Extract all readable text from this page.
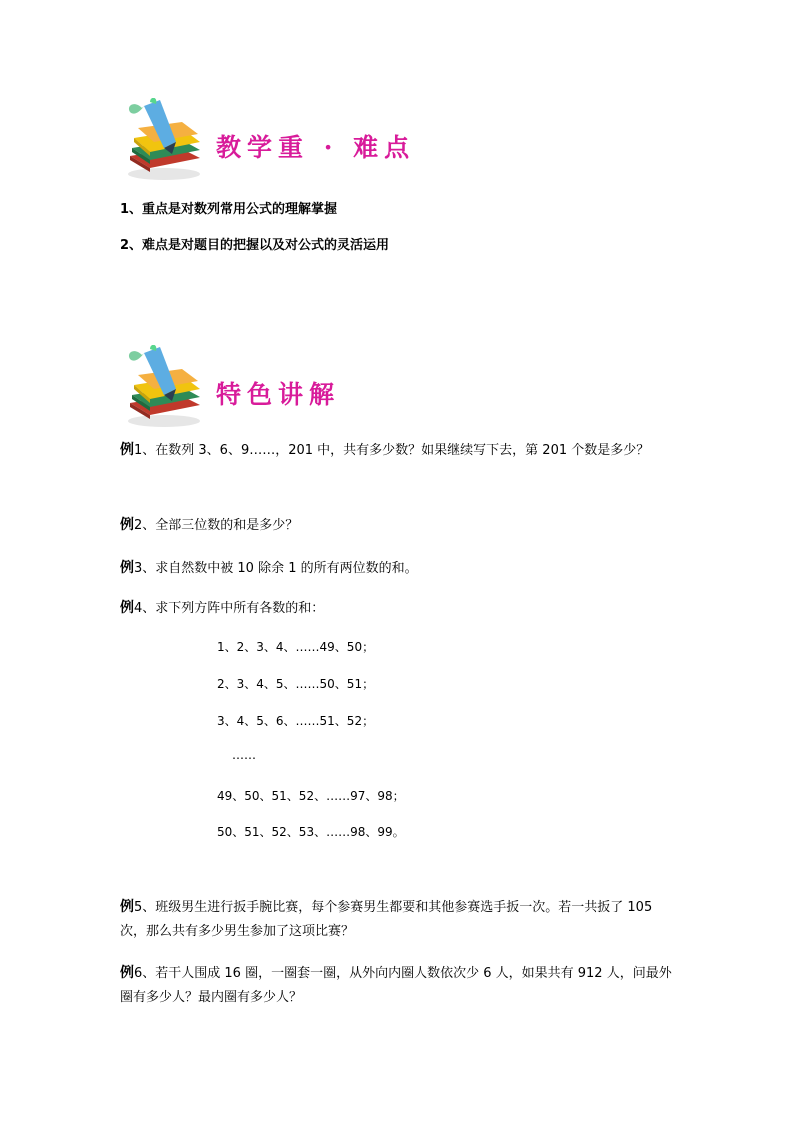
教学重 · 难点
1、重点是对数列常用公式的理解掌握
2、难点是对题目的把握以及对公式的灵活运用
特色讲解
例1、在数列 3、6、9……，201 中，共有多少数？如果继续写下去，第 201 个数是多少？
例2、全部三位数的和是多少？
例3、求自然数中被 10 除余 1 的所有两位数的和。
例4、求下列方阵中所有各数的和：
1、2、3、4、……49、50；
2、3、4、5、……50、51；
3、4、5、6、……51、52；
……
49、50、51、52、……97、98；
50、51、52、53、……98、99。
例5、班级男生进行扳手腕比赛，每个参赛男生都要和其他参赛选手扳一次。若一共扳了 105 次，那么共有多少男生参加了这项比赛？
例6、若干人围成 16 圈，一圈套一圈，从外向内圈人数依次少 6 人，如果共有 912 人，问最外圈有多少人？最内圈有多少人？
